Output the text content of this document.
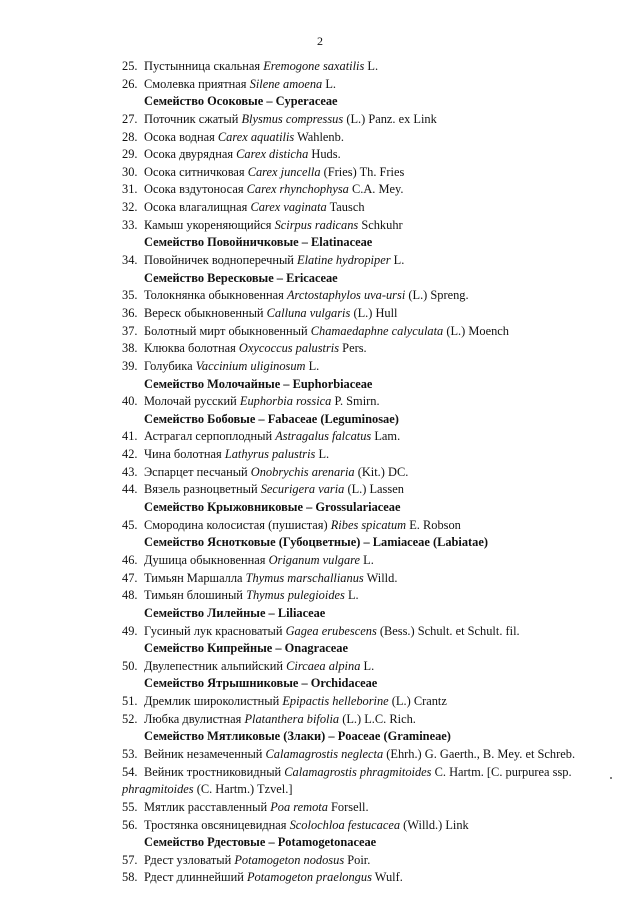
2
25. Пустынница скальная Eremogone saxatilis L.
26. Смолевка приятная Silene amoena L.
Семейство Осоковые – Cyperaceae
27. Поточник сжатый Blysmus compressus (L.) Panz. ex Link
28. Осока водная Carex aquatilis Wahlenb.
29. Осока двурядная Carex disticha Huds.
30. Осока ситничковая Carex juncella (Fries) Th. Fries
31. Осока вздутоносая Carex rhynchophysa C.A. Mey.
32. Осока влагалищная Carex vaginata Tausch
33. Камыш укореняющийся Scirpus radicans Schkuhr
Семейство Повойничковые – Elatinaceae
34. Повойничек водноперечный Elatine hydropiper L.
Семейство Вересковые – Ericaceae
35. Толокнянка обыкновенная Arctostaphylos uva-ursi (L.) Spreng.
36. Вереск обыкновенный Calluna vulgaris (L.) Hull
37. Болотный мирт обыкновенный Chamaedaphne calyculata (L.) Moench
38. Клюква болотная Oxycoccus palustris Pers.
39. Голубика Vaccinium uliginosum L.
Семейство Молочайные – Euphorbiaceae
40. Молочай русский Euphorbia rossica P. Smirn.
Семейство Бобовые – Fabaceae (Leguminosae)
41. Астрагал серпоплодный Astragalus falcatus Lam.
42. Чина болотная Lathyrus palustris L.
43. Эспарцет песчаный Onobrychis arenaria (Kit.) DC.
44. Вязель разноцветный Securigera varia (L.) Lassen
Семейство Крыжовниковые – Grossulariaceae
45. Смородина колосистая (пушистая) Ribes spicatum E. Robson
Семейство Яснотковые (Губоцветные) – Lamiaceae (Labiatae)
46. Душица обыкновенная Origanum vulgare L.
47. Тимьян Маршалла Thymus marschallianus Willd.
48. Тимьян блошиный Thymus pulegioides L.
Семейство Лилейные – Liliaceae
49. Гусиный лук красноватый Gagea erubescens (Bess.) Schult. et Schult. fil.
Семейство Кипрейные – Onagraceae
50. Двулепестник альпийский Circaea alpina L.
Семейство Ятрышниковые – Orchidaceae
51. Дремлик широколистный Epipactis helleborine (L.) Crantz
52. Любка двулистная Platanthera bifolia (L.) L.C. Rich.
Семейство Мятликовые (Злаки) – Poaceae (Gramineae)
53. Вейник незамеченный Calamagrostis neglecta (Ehrh.) G. Gaerth., B. Mey. et Schreb.
54. Вейник тростниковидный Calamagrostis phragmitoides C. Hartm. [C. purpurea ssp.
phragmitoides (C. Hartm.) Tzvel.]
55. Мятлик расставленный Poa remota Forsell.
56. Тростянка овсяницевидная Scolochloa festucacea (Willd.) Link
Семейство Рдестовые – Potamogetonaceae
57. Рдест узловатый Potamogeton nodosus Poir.
58. Рдест длиннейший Potamogeton praelongus Wulf.
